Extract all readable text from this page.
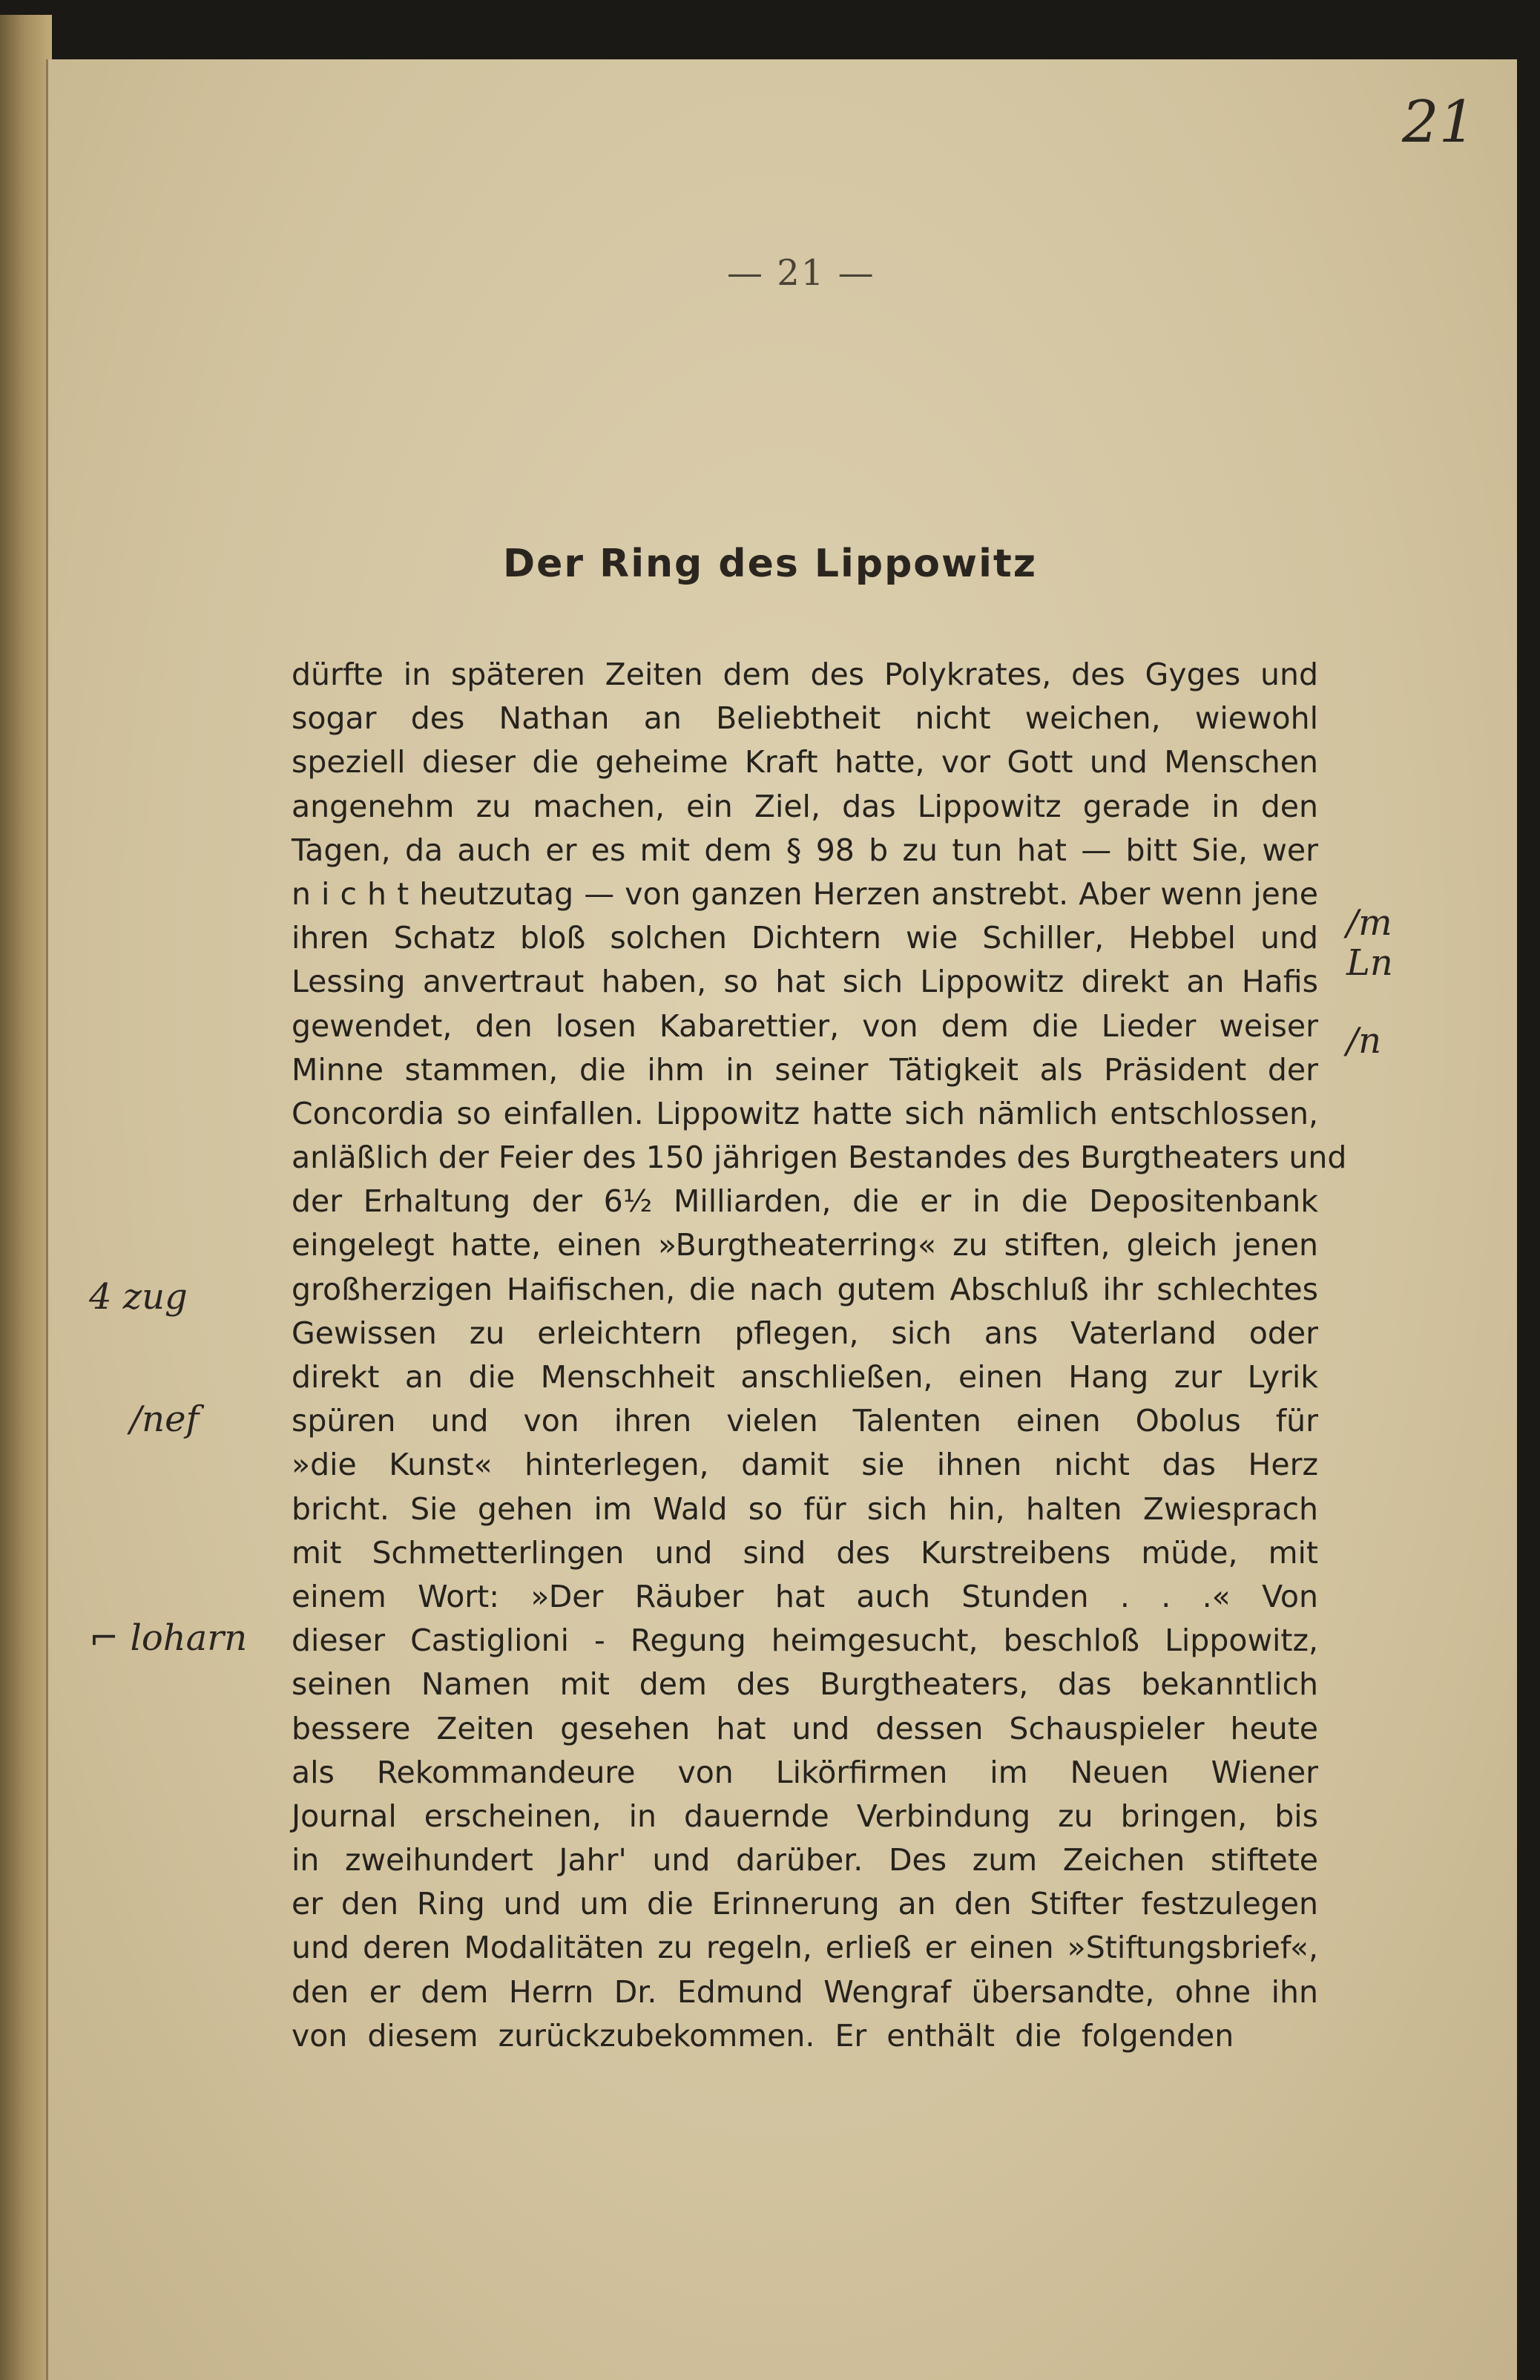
21
— 21 —
Der Ring des Lippowitz
dürfte in späteren Zeiten dem des Polykrates, des Gyges und
sogar des Nathan an Beliebtheit nicht weichen, wiewohl
speziell dieser die geheime Kraft hatte, vor Gott und Menschen
angenehm zu machen, ein Ziel, das Lippowitz gerade in den
Tagen, da auch er es mit dem § 98 b zu tun hat — bitt Sie, wer
n i c h t heutzutag — von ganzen Herzen anstrebt. Aber wenn jene
ihren Schatz bloß solchen Dichtern wie Schiller, Hebbel und
Lessing anvertraut haben, so hat sich Lippowitz direkt an Hafis
gewendet, den losen Kabarettier, von dem die Lieder weiser
Minne stammen, die ihm in seiner Tätigkeit als Präsident der
Concordia so einfallen. Lippowitz hatte sich nämlich entschlossen,
anläßlich der Feier des 150 jährigen Bestandes des Burgtheaters und
der Erhaltung der 6½ Milliarden, die er in die Depositenbank
eingelegt hatte, einen »Burgtheaterring« zu stiften, gleich jenen
großherzigen Haifischen, die nach gutem Abschluß ihr schlechtes
Gewissen zu erleichtern pflegen, sich ans Vaterland oder
direkt an die Menschheit anschließen, einen Hang zur Lyrik
spüren und von ihren vielen Talenten einen Obolus für
»die Kunst« hinterlegen, damit sie ihnen nicht das Herz
bricht. Sie gehen im Wald so für sich hin, halten Zwiesprach
mit Schmetterlingen und sind des Kurstreibens müde, mit
einem Wort: »Der Räuber hat auch Stunden . . .« Von
dieser Castiglioni - Regung heimgesucht, beschloß Lippowitz,
seinen Namen mit dem des Burgtheaters, das bekanntlich
bessere Zeiten gesehen hat und dessen Schauspieler heute
als Rekommandeure von Likörfirmen im Neuen Wiener
Journal erscheinen, in dauernde Verbindung zu bringen, bis
in zweihundert Jahr' und darüber. Des zum Zeichen stiftete
er den Ring und um die Erinnerung an den Stifter festzulegen
und deren Modalitäten zu regeln, erließ er einen »Stiftungsbrief«,
den er dem Herrn Dr. Edmund Wengraf übersandte, ohne ihn
von diesem zurückzubekommen. Er enthält die folgenden
/m
Ln
/n
4 zug
/nef
⌐ loharn
